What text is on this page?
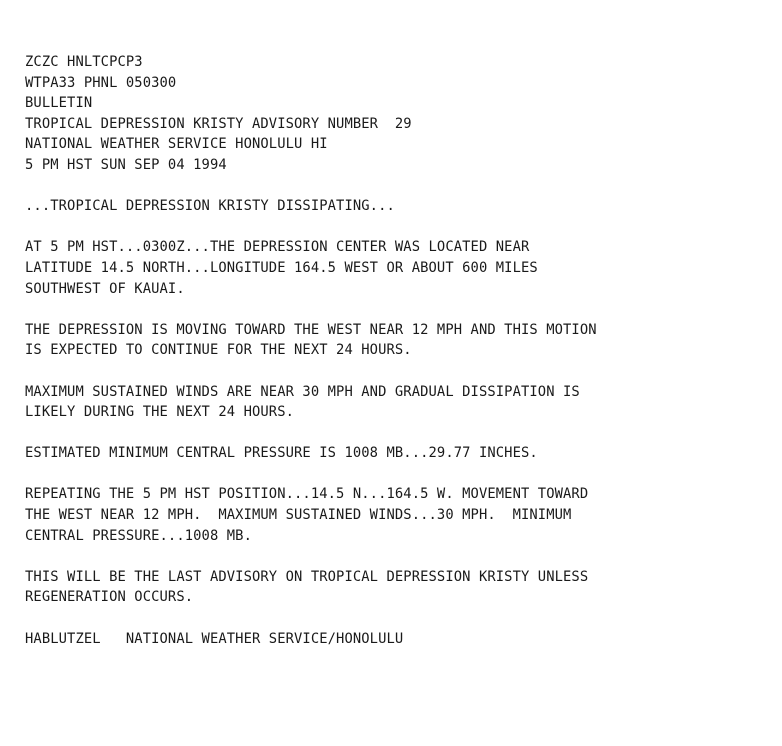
ZCZC HNLTCPCP3
WTPA33 PHNL 050300
BULLETIN
TROPICAL DEPRESSION KRISTY ADVISORY NUMBER  29
NATIONAL WEATHER SERVICE HONOLULU HI
5 PM HST SUN SEP 04 1994
...TROPICAL DEPRESSION KRISTY DISSIPATING...
AT 5 PM HST...0300Z...THE DEPRESSION CENTER WAS LOCATED NEAR
LATITUDE 14.5 NORTH...LONGITUDE 164.5 WEST OR ABOUT 600 MILES
SOUTHWEST OF KAUAI.
THE DEPRESSION IS MOVING TOWARD THE WEST NEAR 12 MPH AND THIS MOTION
IS EXPECTED TO CONTINUE FOR THE NEXT 24 HOURS.
MAXIMUM SUSTAINED WINDS ARE NEAR 30 MPH AND GRADUAL DISSIPATION IS
LIKELY DURING THE NEXT 24 HOURS.
ESTIMATED MINIMUM CENTRAL PRESSURE IS 1008 MB...29.77 INCHES.
REPEATING THE 5 PM HST POSITION...14.5 N...164.5 W. MOVEMENT TOWARD
THE WEST NEAR 12 MPH.  MAXIMUM SUSTAINED WINDS...30 MPH.  MINIMUM
CENTRAL PRESSURE...1008 MB.
THIS WILL BE THE LAST ADVISORY ON TROPICAL DEPRESSION KRISTY UNLESS
REGENERATION OCCURS.
HABLUTZEL   NATIONAL WEATHER SERVICE/HONOLULU
